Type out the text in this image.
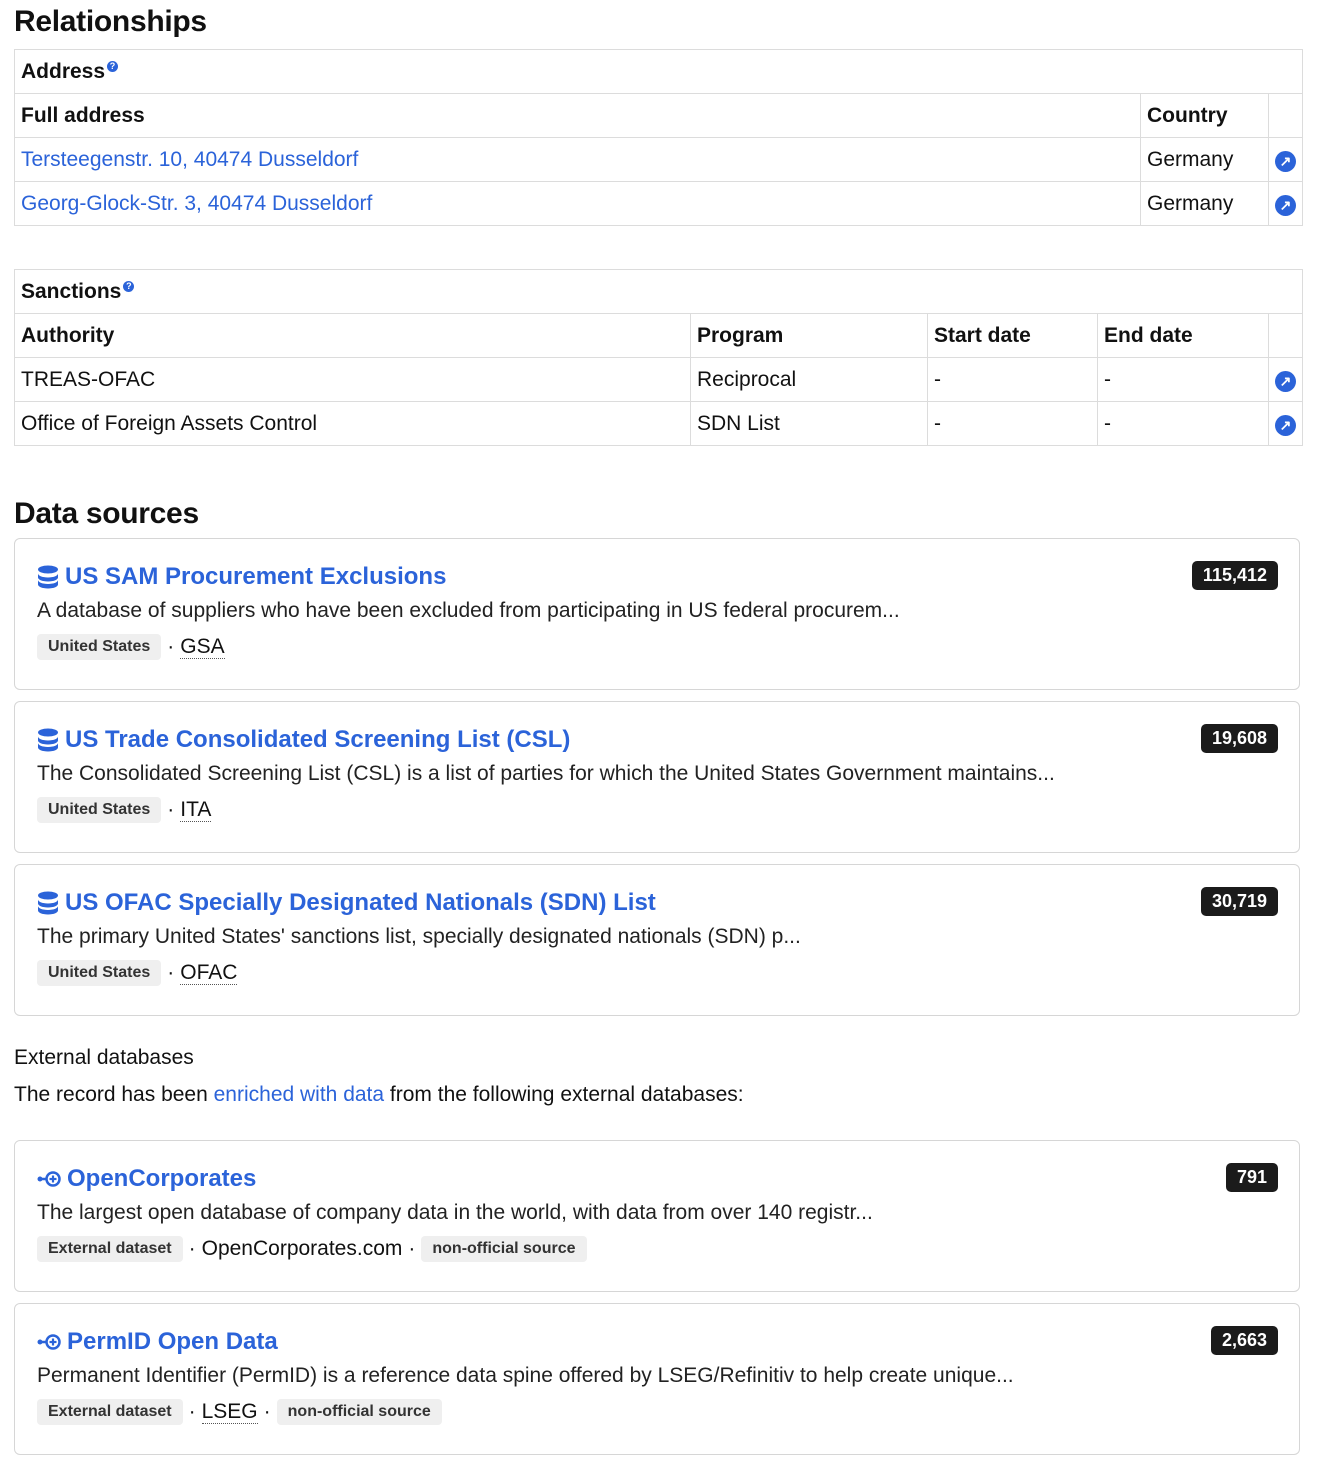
Relationships
Address ?		
Full address	Country	
Tersteegenstr. 10, 40474 Dusseldorf	Germany	↗
Georg-Glock-Str. 3, 40474 Dusseldorf	Germany	↗
Sanctions ?				
Authority	Program	Start date	End date	
TREAS-OFAC	Reciprocal	-	-	↗
Office of Foreign Assets Control	SDN List	-	-	↗
Data sources
US SAM Procurement Exclusions	115,412
A database of suppliers who have been excluded from participating in US federal procurem...
United States · GSA
US Trade Consolidated Screening List (CSL)	19,608
The Consolidated Screening List (CSL) is a list of parties for which the United States Government maintains...
United States · ITA
US OFAC Specially Designated Nationals (SDN) List	30,719
The primary United States' sanctions list, specially designated nationals (SDN) p...
United States · OFAC
External databases
The record has been enriched with data from the following external databases:
OpenCorporates	791
The largest open database of company data in the world, with data from over 140 registr...
External dataset · OpenCorporates.com ·	non-official source
PermID Open Data	2,663
Permanent Identifier (PermID) is a reference data spine offered by LSEG/Refinitiv to help create unique...
External dataset · LSEG ·	non-official source
